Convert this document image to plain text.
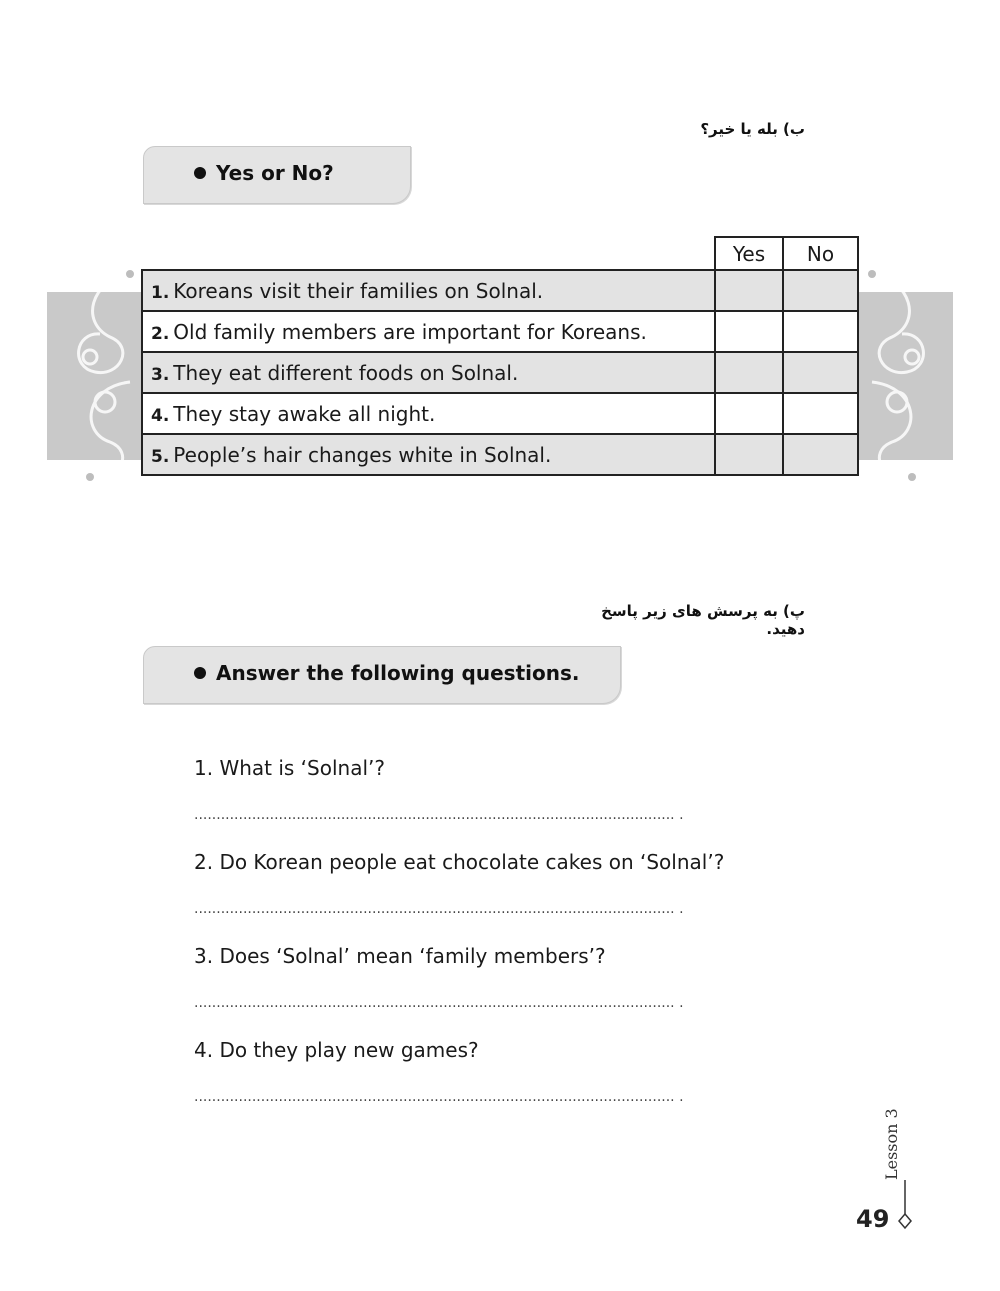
ب) بله يا خير؟
Yes or No?
	Yes	No
1. Koreans visit their families on Solnal.		
2. Old family members are important for Koreans.		
3. They eat different foods on Solnal.		
4. They stay awake all night.		
5. People’s hair changes white in Solnal.		
پ) به پرسش هاى زير پاسخ دهيد.
Answer the following questions.
1. What is ‘Solnal’?
............................................................................................................ .
2. Do Korean people eat chocolate cakes on ‘Solnal’?
............................................................................................................ .
3. Does ‘Solnal’ mean ‘family members’?
............................................................................................................ .
4. Do they play new games?
............................................................................................................ .
Lesson 3
49
